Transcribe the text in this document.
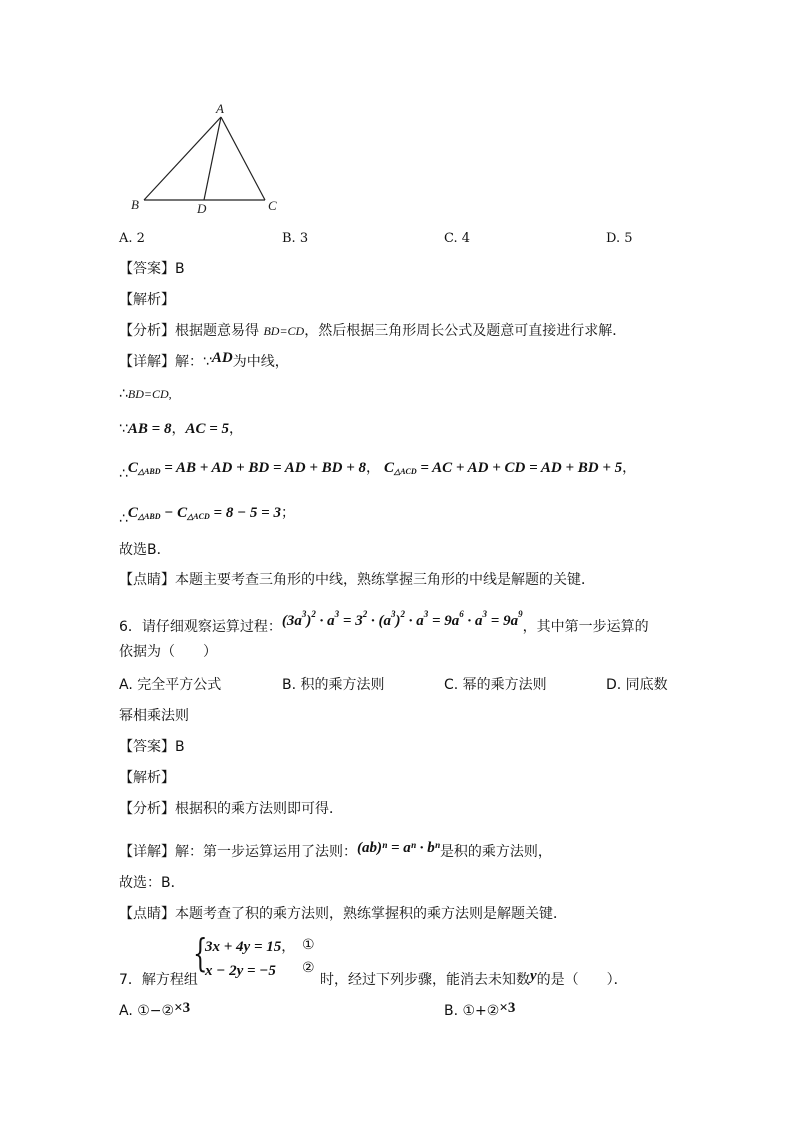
A
B	D	C
A. 2	B. 3	C. 4	D. 5
【答案】B
【解析】
【分析】根据题意易得 BD=CD，然后根据三角形周长公式及题意可直接进行求解．
【详解】解：∵AD为中线，
∴BD=CD,
∵AB = 8，AC = 5，
$\therefore C_{\triangle ABD}$ = AB + AD + BD = AD + BD + 8， $C_{\triangle ACD}$ = AC + AD + CD = AD + BD + 5，
$\therefore C_{\triangle ABD} - C_{\triangle ACD} = 8 - 5 = 3$；
故选B．
【点睛】本题主要考查三角形的中线，熟练掌握三角形的中线是解题的关键．
6．请仔细观察运算过程：$(3a^3)^2 \cdot a^3 = 3^2 \cdot (a^3)^2 \cdot a^3 = 9a^6 \cdot a^3 = 9a^9$，其中第一步运算的
依据为（　　）
A. 完全平方公式	B. 积的乘方法则	C. 幂的乘方法则	D. 同底数
幂相乘法则
【答案】B
【解析】
【分析】根据积的乘方法则即可得．
【详解】解：第一步运算运用了法则：(ab)ⁿ = aⁿ · bⁿ是积的乘方法则，
故选：B．
【点睛】本题考查了积的乘方法则，熟练掌握积的乘方法则是解题关键．
{
3x + 4y = 15， ①
x − 2y = −5 ②
7．解方程组	时，经过下列步骤，能消去未知数y的是（　　）．
A. ①−②×3	B. ①+②×3
